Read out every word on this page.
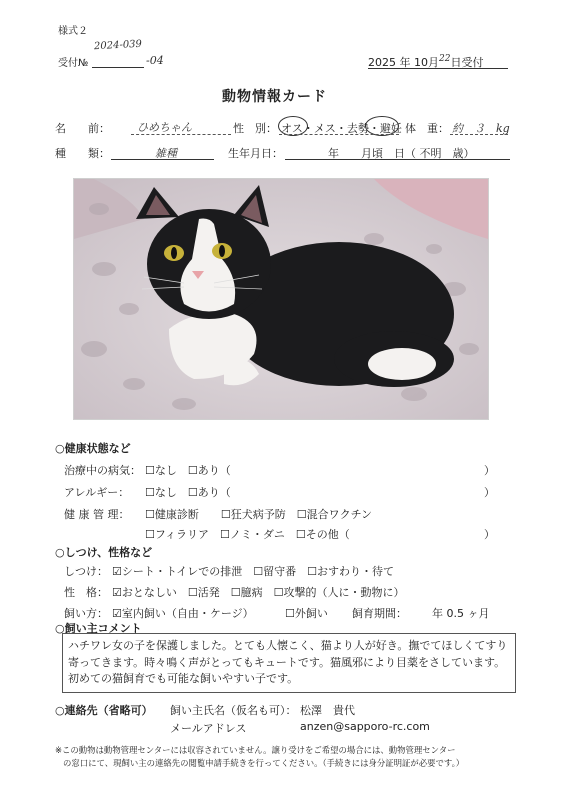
様式２
受付№
2024-039
-04	2025 年 10月$^{22}$日受付
動物情報カード
名　　前： ひめちゃん	性　別： オス・メス・去勢・避妊 体　重： 約　３　kg
種　　類：	雑種	生年月日：	年　　月頃　日（ 不明　歳）
○健康状態など
治療中の病気： ☐なし　☐あり（	）
アレルギー： ☐なし　☐あり（	）
健 康 管 理： ☐健康診断　　☐狂犬病予防　☐混合ワクチン
☐フィラリア　☐ノミ・ダニ　☐その他（	）
○しつけ、性格など
しつけ： ☑シート・トイレでの排泄　☐留守番　☐おすわり・待て
性　格： ☑おとなしい　☐活発　☐臆病　☐攻撃的（人に・動物に）
飼い方： ☑室内飼い（自由・ケージ）	☐外飼い 飼育期間： 年 0.5 ヶ月
○飼い主コメント
ハチワレ女の子を保護しました。とても人懐こく、猫より人が好き。撫でてほしくてすり寄ってきます。時々鳴く声がとってもキュートです。猫風邪により目薬をさしています。初めての猫飼育でも可能な飼いやすい子です。
○連絡先（省略可） 飼い主氏名（仮名も可）： 松澤　貴代
メールアドレス	anzen@sapporo-rc.com
※この動物は動物管理センターには収容されていません。譲り受けをご希望の場合には、動物管理センター
の窓口にて、現飼い主の連絡先の閲覧申請手続きを行ってください。（手続きには身分証明証が必要です。）
